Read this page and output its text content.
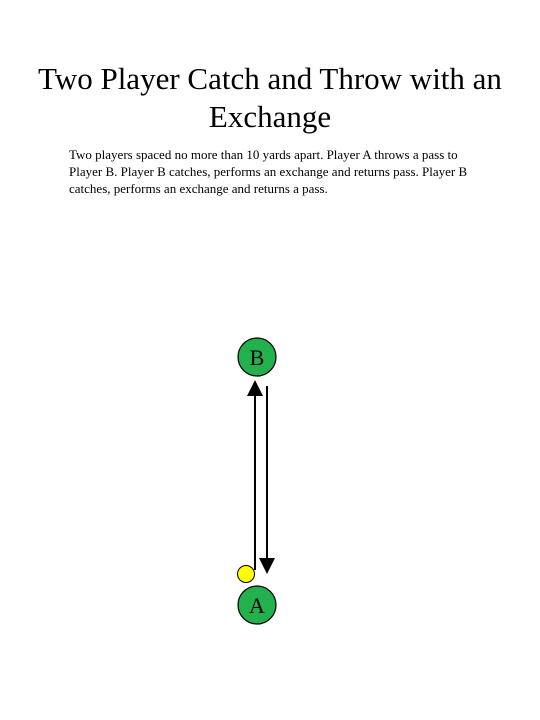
Two Player Catch and Throw with an Exchange

Two players spaced no more than 10 yards apart. Player A throws a pass to Player B. Player B catches, performs an exchange and returns pass. Player B catches, performs an exchange and returns a pass.

B
A
